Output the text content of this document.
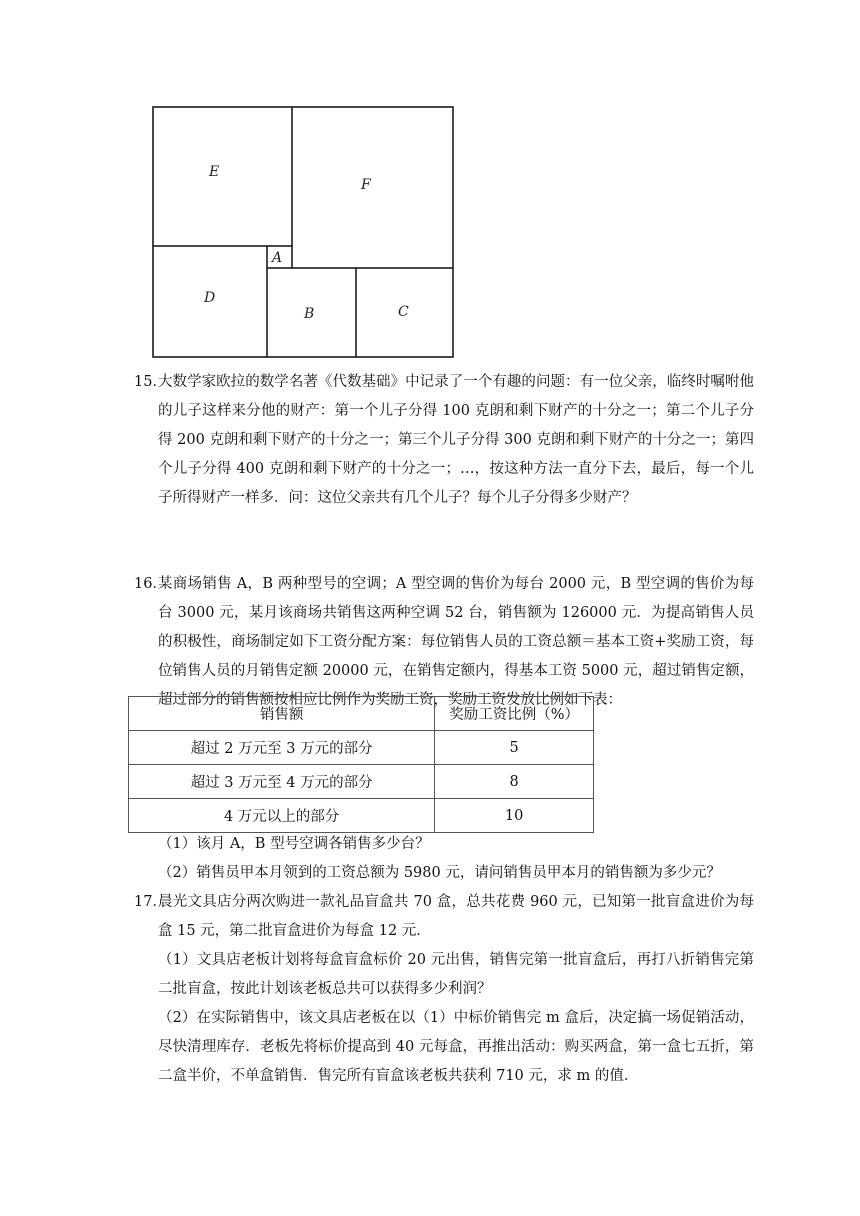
E
F
A
D
B	C
15．
大数学家欧拉的数学名著《代数基础》中记录了一个有趣的问题：有一位父亲，临终时嘱咐他的儿子这样来分他的财产：第一个儿子分得 100 克朗和剩下财产的十分之一；第二个儿子分得 200 克朗和剩下财产的十分之一；第三个儿子分得 300 克朗和剩下财产的十分之一；第四个儿子分得 400 克朗和剩下财产的十分之一；…，按这种方法一直分下去，最后，每一个儿子所得财产一样多．问：这位父亲共有几个儿子？每个儿子分得多少财产？
16．
某商场销售 A，B 两种型号的空调；A 型空调的售价为每台 2000 元，B 型空调的售价为每台 3000 元，某月该商场共销售这两种空调 52 台，销售额为 126000 元．为提高销售人员的积极性，商场制定如下工资分配方案：每位销售人员的工资总额＝基本工资+奖励工资，每位销售人员的月销售定额 20000 元，在销售定额内，得基本工资 5000 元，超过销售定额，超过部分的销售额按相应比例作为奖励工资，奖励工资发放比例如下表：
销售额	奖励工资比例（%）
超过 2 万元至 3 万元的部分	5
超过 3 万元至 4 万元的部分	8
4 万元以上的部分	10
（1）该月 A，B 型号空调各销售多少台？
（2）销售员甲本月领到的工资总额为 5980 元，请问销售员甲本月的销售额为多少元？
17．
晨光文具店分两次购进一款礼品盲盒共 70 盒，总共花费 960 元，已知第一批盲盒进价为每盒 15 元，第二批盲盒进价为每盒 12 元．
（1）文具店老板计划将每盒盲盒标价 20 元出售，销售完第一批盲盒后，再打八折销售完第二批盲盒，按此计划该老板总共可以获得多少利润？
（2）在实际销售中，该文具店老板在以（1）中标价销售完 m 盒后，决定搞一场促销活动，尽快清理库存．老板先将标价提高到 40 元每盒，再推出活动：购买两盒，第一盒七五折，第二盒半价，不单盒销售．售完所有盲盒该老板共获利 710 元，求 m 的值．
